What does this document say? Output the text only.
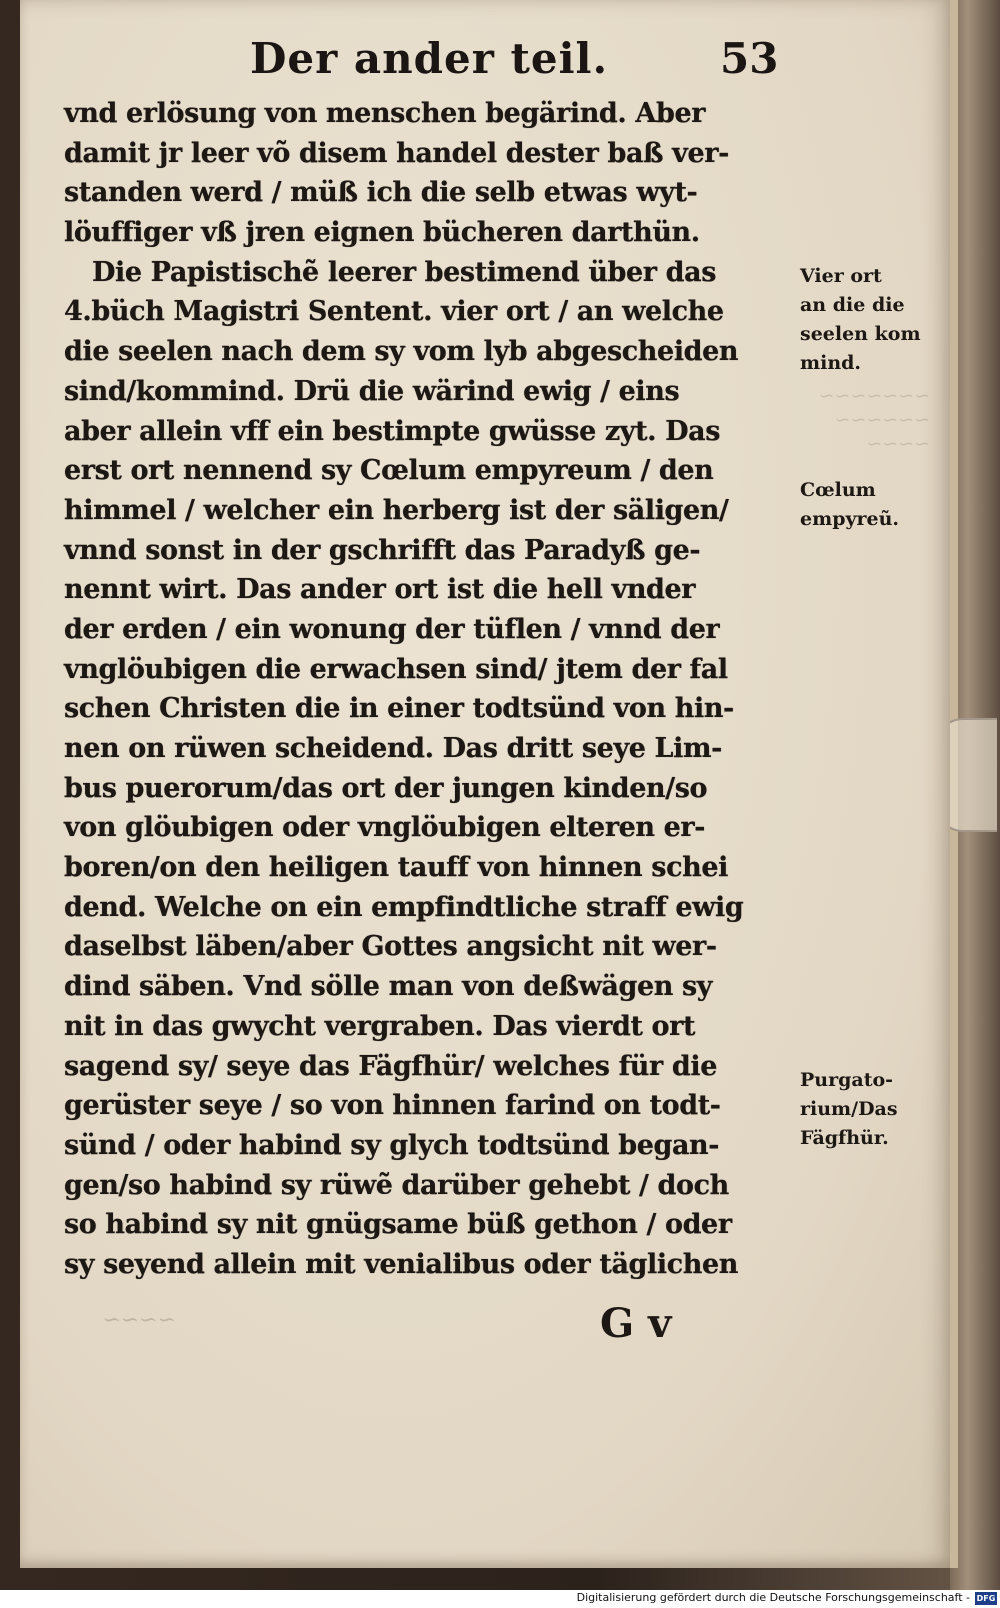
Der ander teil.	53
vnd erlösung von menschen begärind. Aber
damit jr leer võ disem handel dester baß ver-
standen werd / müß ich die selb etwas wyt-
löuffiger vß jren eignen bücheren darthün.
Die Papistischẽ leerer bestimend über das
4.büch Magistri Sentent. vier ort / an welche
die seelen nach dem sy vom lyb abgescheiden
sind/kommind. Drü die wärind ewig / eins
aber allein vff ein bestimpte gwüsse zyt. Das
erst ort nennend sy Cœlum empyreum / den
himmel / welcher ein herberg ist der säligen/
vnnd sonst in der gschrifft das Paradyß ge-
nennt wirt. Das ander ort ist die hell vnder
der erden / ein wonung der tüflen / vnnd der
vnglöubigen die erwachsen sind/ jtem der fal
schen Christen die in einer todtsünd von hin-
nen on rüwen scheidend. Das dritt seye Lim-
bus puerorum/das ort der jungen kinden/so
von glöubigen oder vnglöubigen elteren er-
boren/on den heiligen tauff von hinnen schei
dend. Welche on ein empfindtliche straff ewig
daselbst läben/aber Gottes angsicht nit wer-
dind säben. Vnd sölle man von deßwägen sy
nit in das gwycht vergraben. Das vierdt ort
sagend sy/ seye das Fägfhür/ welches für die
gerüster seye / so von hinnen farind on todt-
sünd / oder habind sy glych todtsünd began-
gen/so habind sy rüwẽ darüber gehebt / doch
so habind sy nit gnügsame büß gethon / oder
sy seyend allein mit venialibus oder täglichen
Vier ort
an die die
seelen kom
mind.
~~~~~~~
~~~~~~
~~~~
Cœlum
empyreũ.
Purgato-
rium/Das
Fägfhür.
~~~~	G v
Digitalisierung gefördert durch die Deutsche Forschungsgemeinschaft - DFG
